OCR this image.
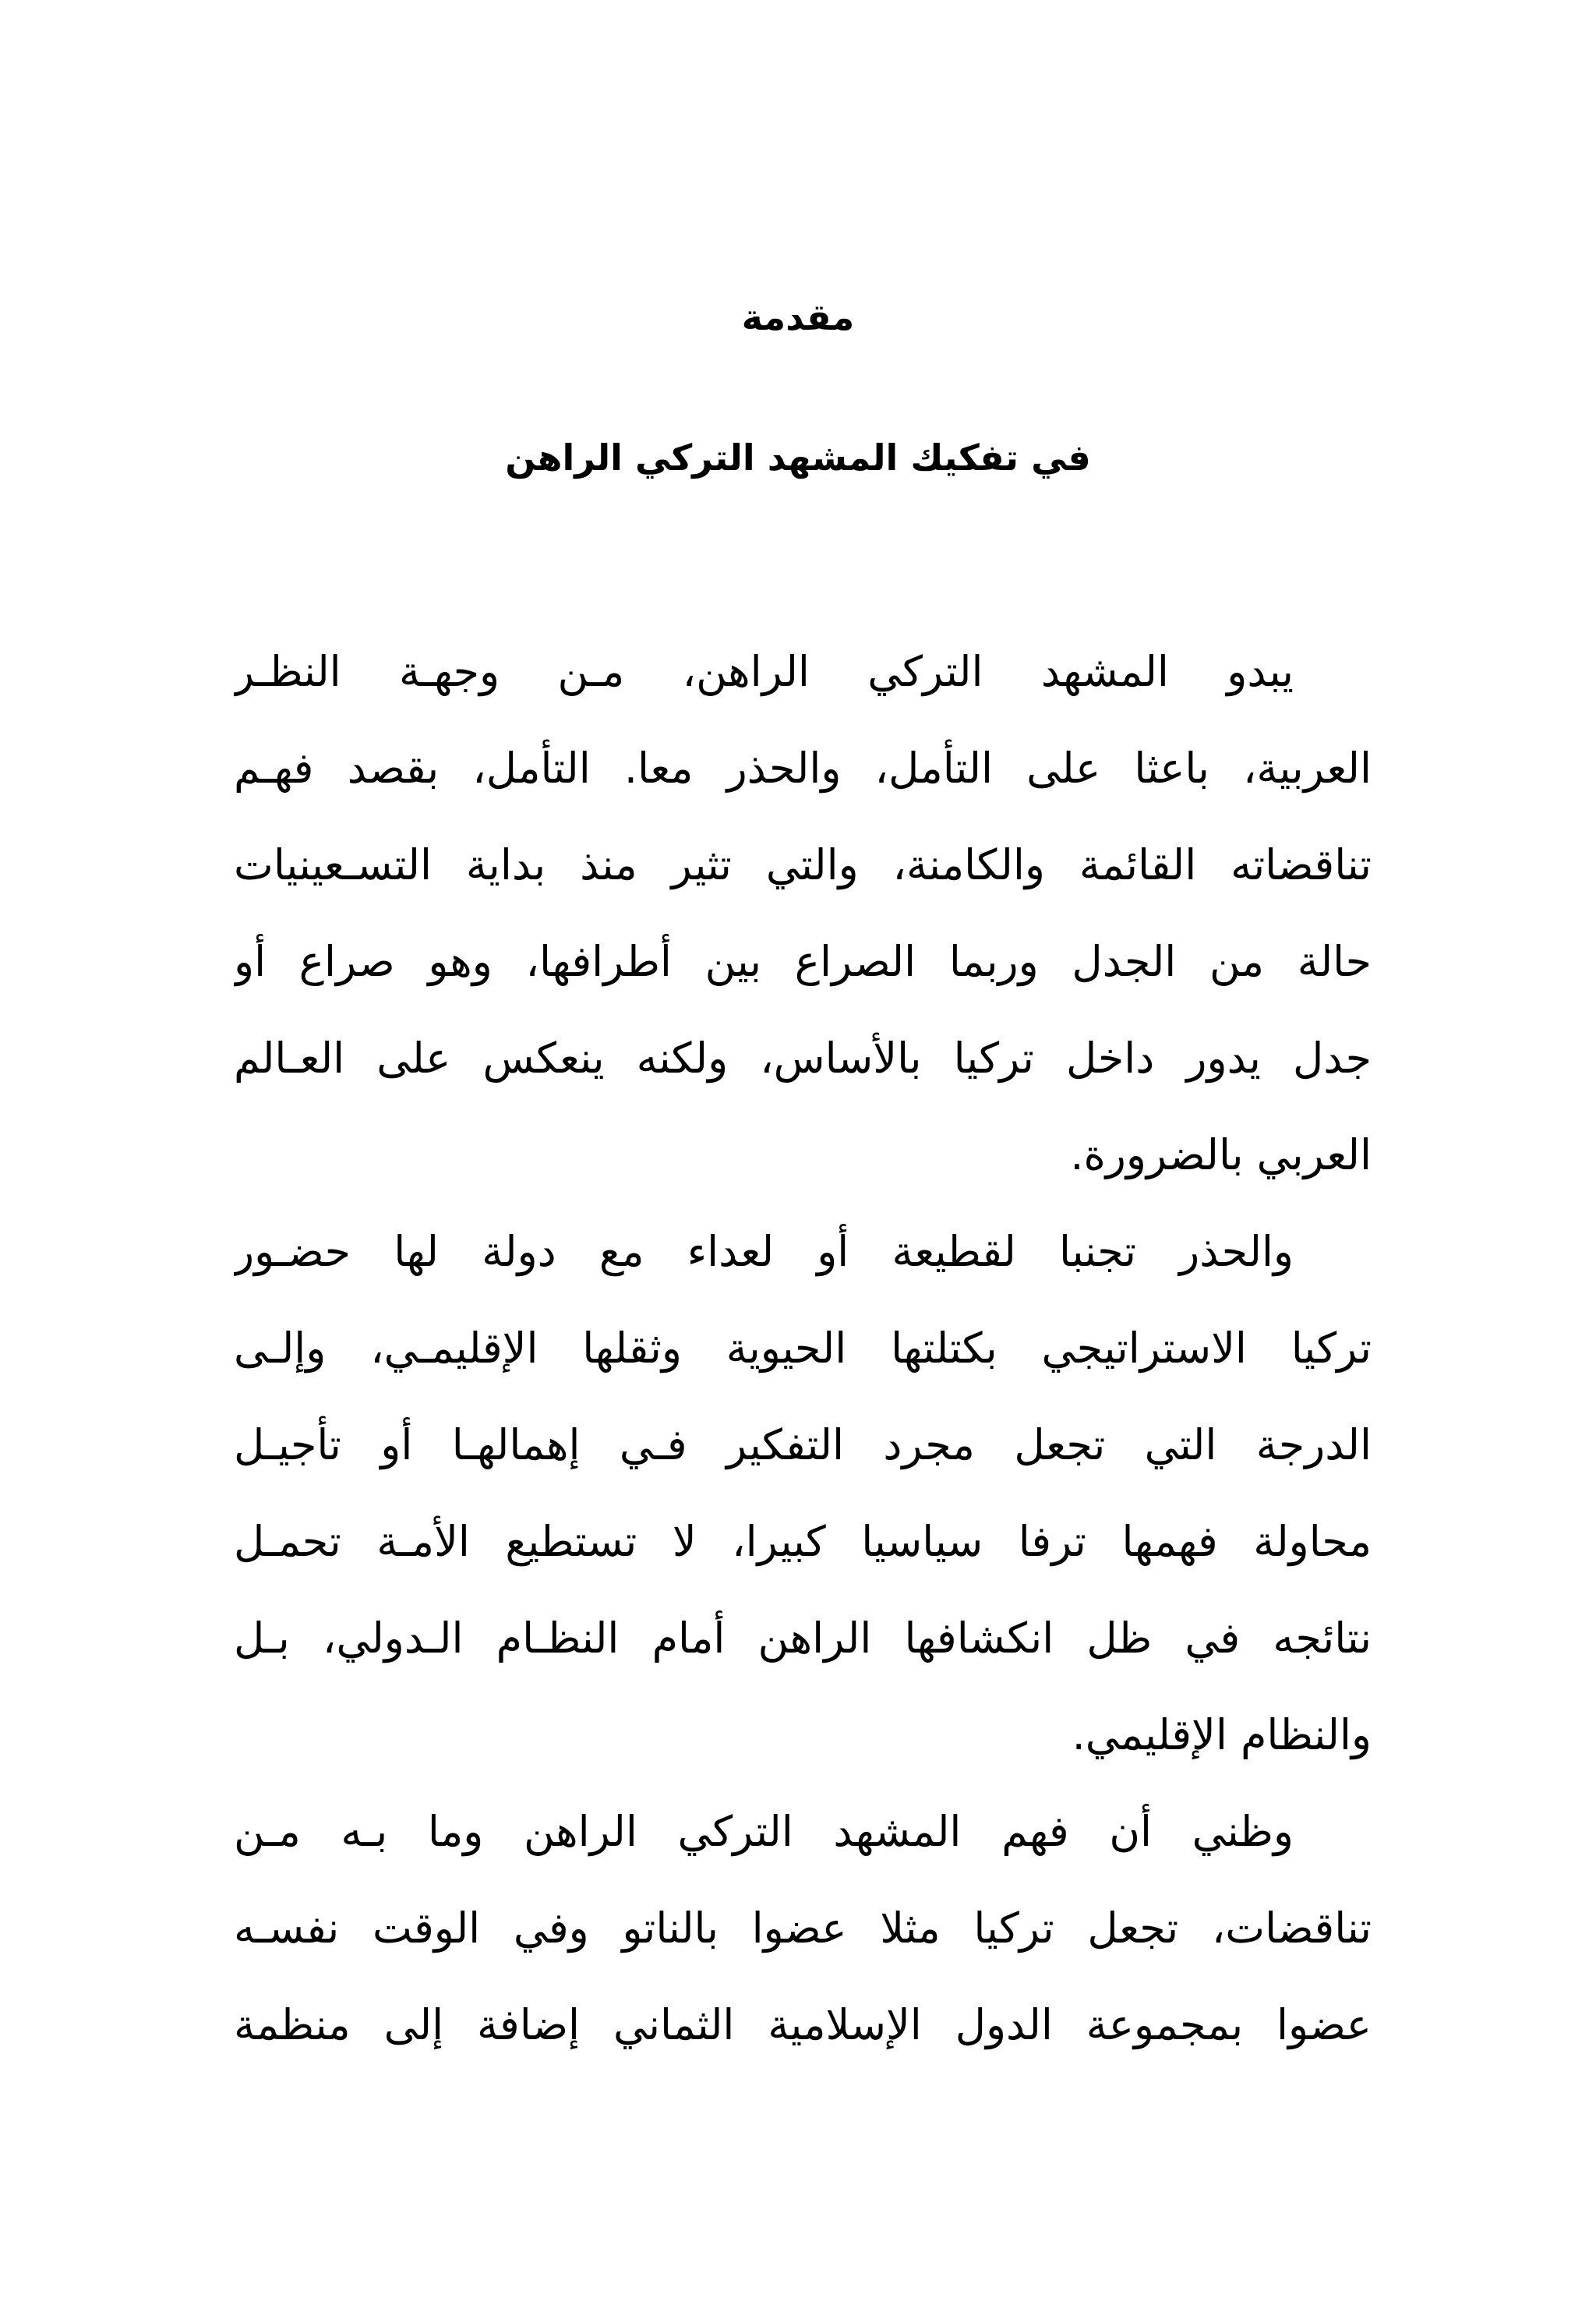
مقدمة
في تفكيك المشهد التركي الراهن

يبدو المشهد التركي الراهن، مـن وجهـة النظـر
العربية، باعثا على التأمل، والحذر معا. التأمل، بقصد فهـم
تناقضاته القائمة والكامنة، والتي تثير منذ بداية التسـعينيات
حالة من الجدل وربما الصراع بين أطرافها، وهو صراع أو
جدل يدور داخل تركيا بالأساس، ولكنه ينعكس على العـالم
العربي بالضرورة.

والحذر تجنبا لقطيعة أو لعداء مع دولة لها حضـور
تركيا الاستراتيجي بكتلتها الحيوية وثقلها الإقليمـي، وإلـى
الدرجة التي تجعل مجرد التفكير فـي إهمالهـا أو تأجيـل
محاولة فهمها ترفا سياسيا كبيرا، لا تستطيع الأمـة تحمـل
نتائجه في ظل انكشافها الراهن أمام النظـام الـدولي، بـل
والنظام الإقليمي.

وظني أن فهم المشهد التركي الراهن وما بـه مـن
تناقضات، تجعل تركيا مثلا عضوا بالناتو وفي الوقت نفسـه
عضوا بمجموعة الدول الإسلامية الثماني إضافة إلى منظمة
